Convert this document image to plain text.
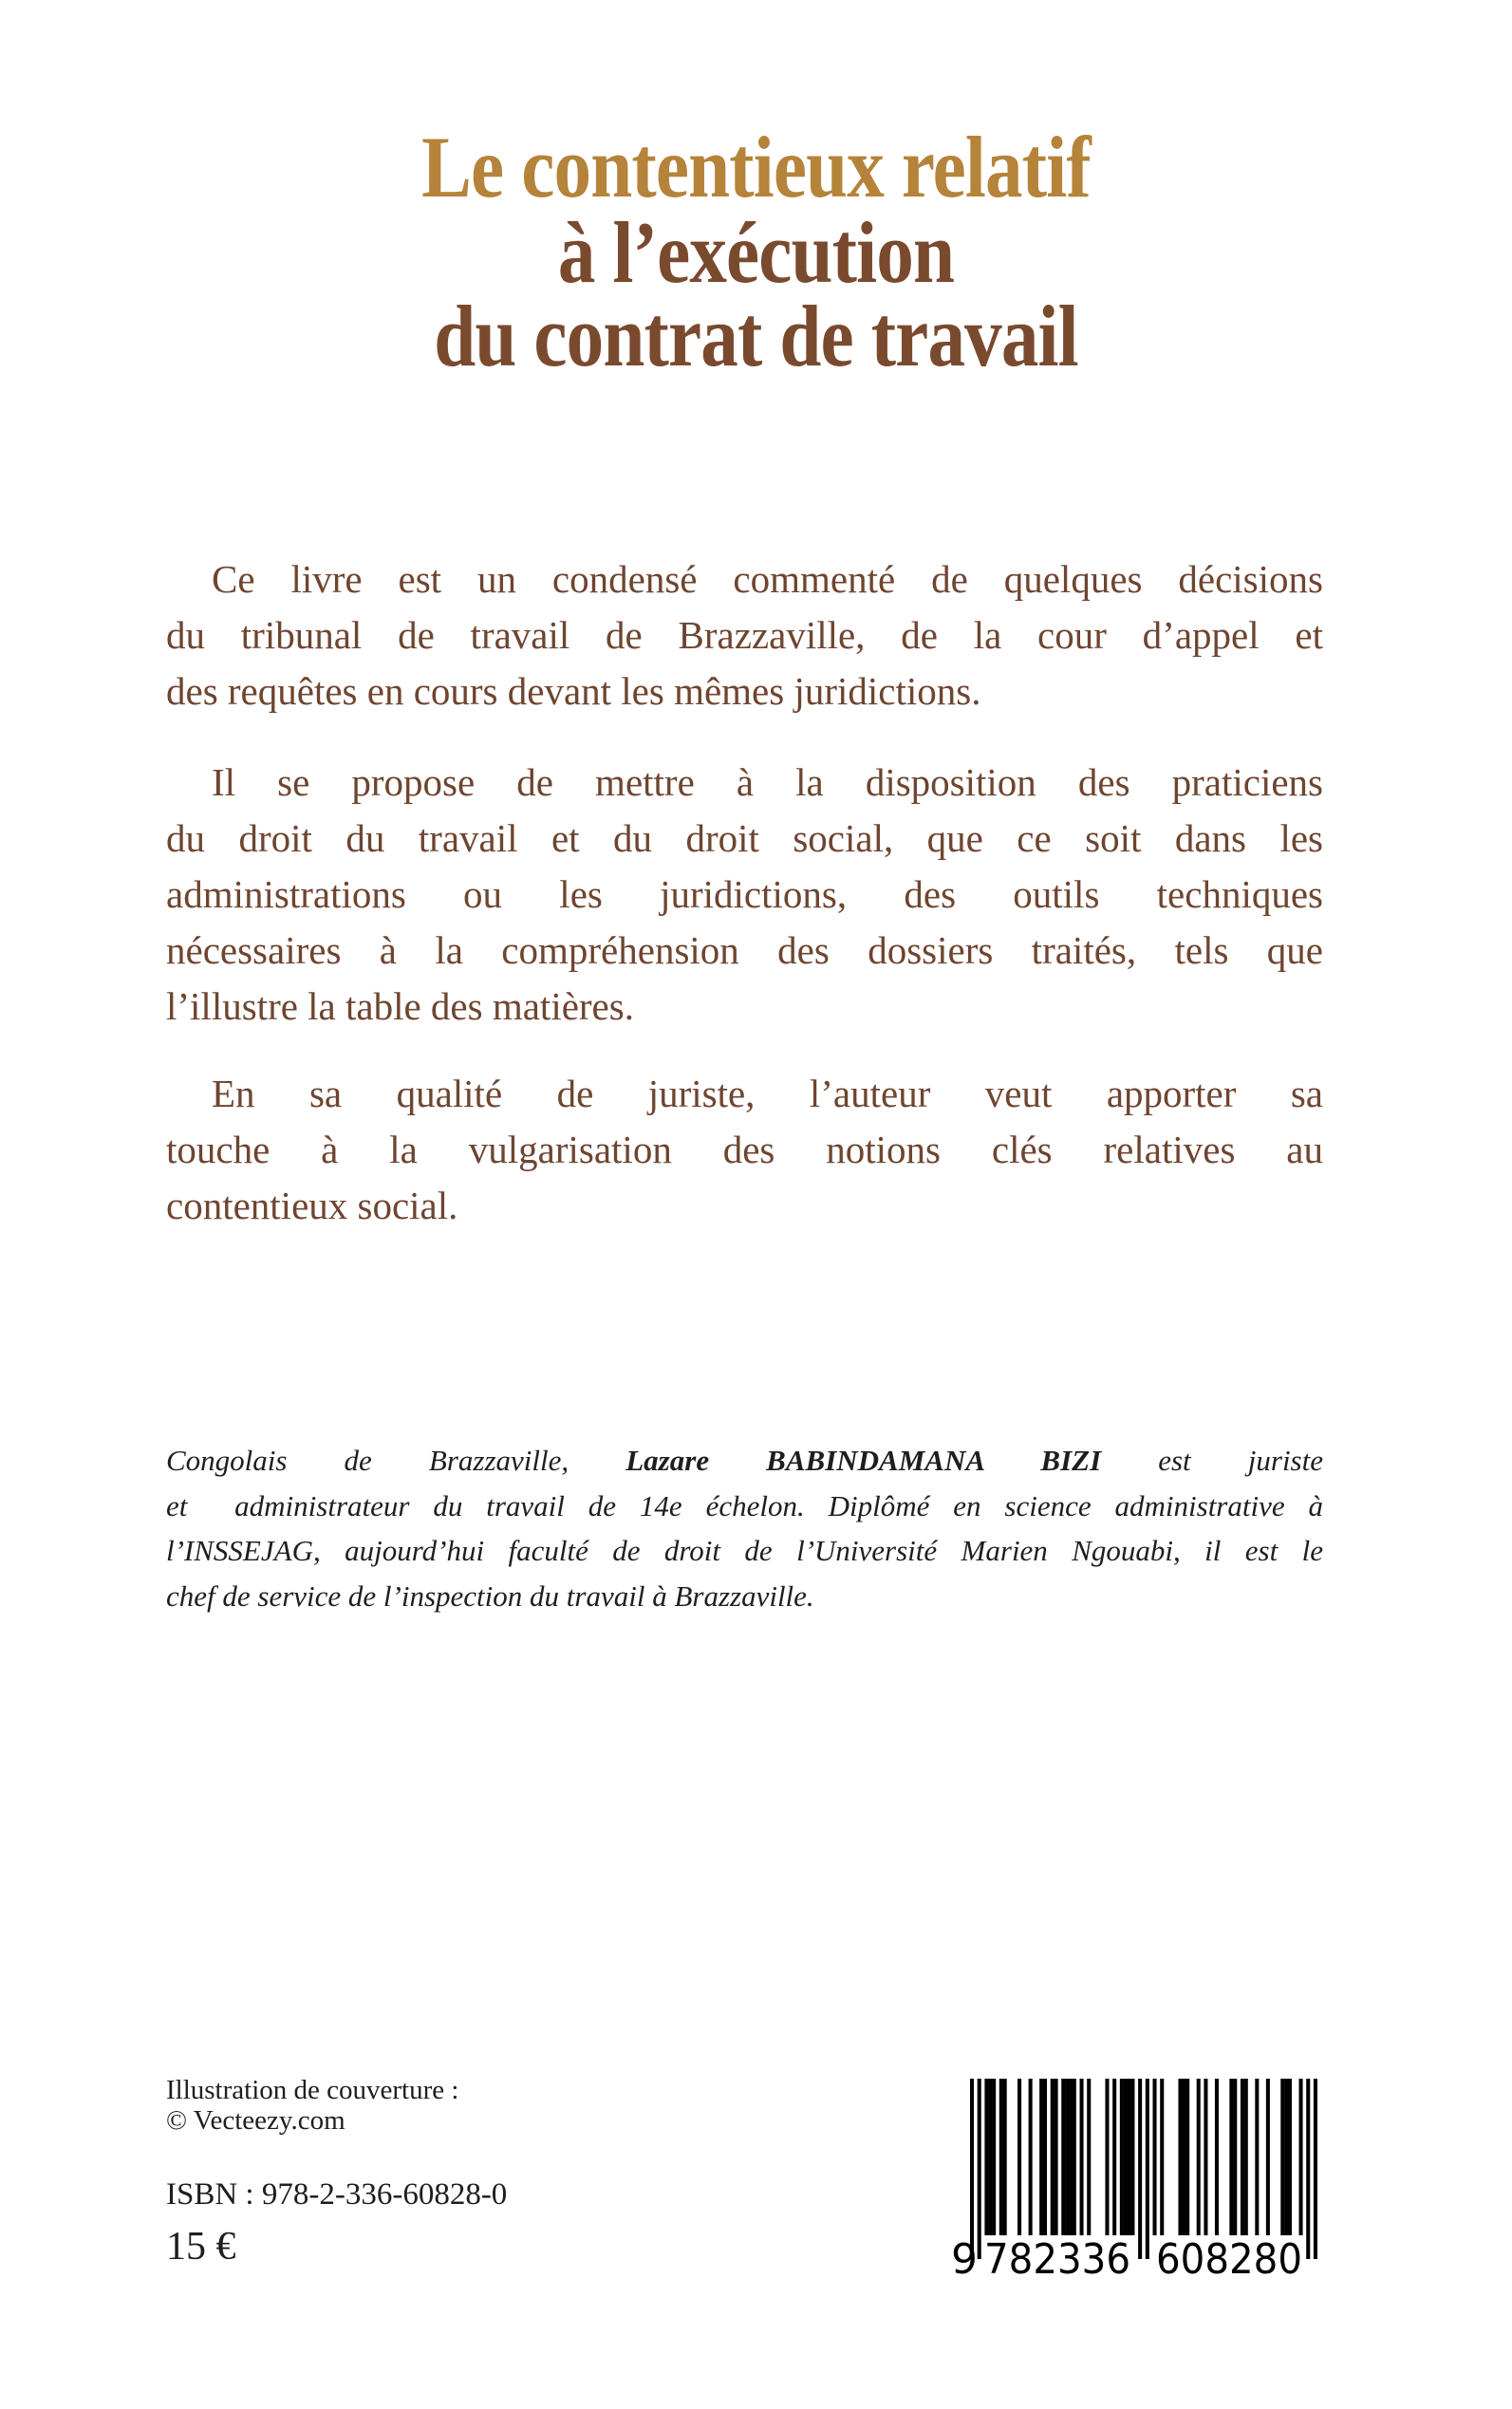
Le contentieux relatif
à l’exécution
du contrat de travail
Ce livre est un condensé commenté de quelques décisions
du tribunal de travail de Brazzaville, de la cour d’appel et
des requêtes en cours devant les mêmes juridictions.
Il se propose de mettre à la disposition des praticiens
du droit du travail et du droit social, que ce soit dans les
administrations ou les juridictions, des outils techniques
nécessaires à la compréhension des dossiers traités, tels que
l’illustre la table des matières.
En sa qualité de juriste, l’auteur veut apporter sa
touche à la vulgarisation des notions clés relatives au
contentieux social.
Congolais de Brazzaville, Lazare BABINDAMANA BIZI est juriste
et  administrateur du travail de 14e échelon. Diplômé en science administrative à
l’INSSEJAG, aujourd’hui faculté de droit de l’Université Marien Ngouabi, il est le
chef de service de l’inspection du travail à Brazzaville.
Illustration de couverture :
© Vecteezy.com
ISBN : 978-2-336-60828-0
15 €	9 782336 608280
